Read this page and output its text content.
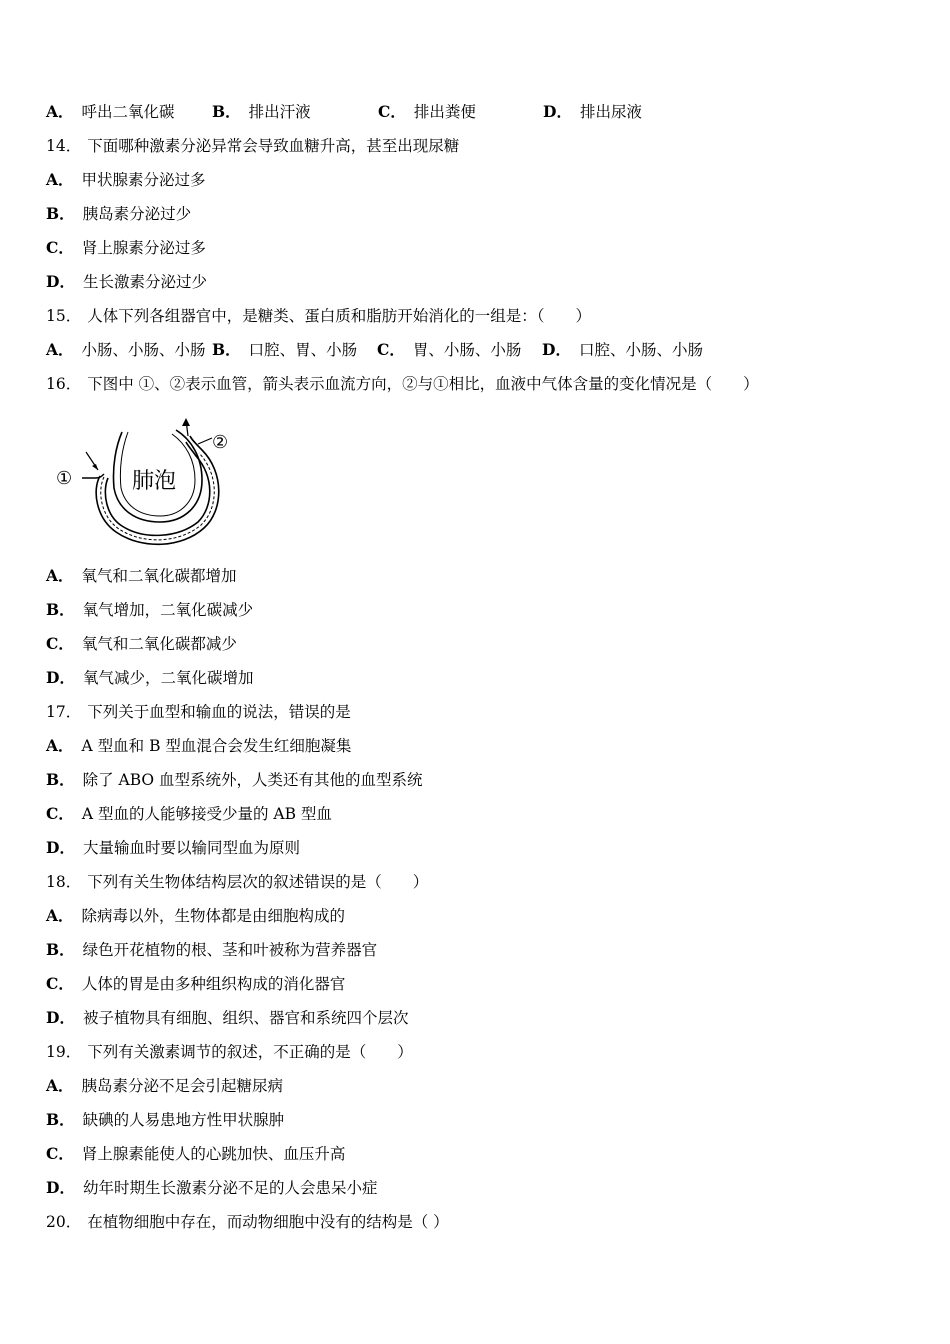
A． 呼出二氧化碳 B． 排出汗液	C． 排出粪便	D． 排出尿液
14． 下面哪种激素分泌异常会导致血糖升高，甚至出现尿糖
A． 甲状腺素分泌过多
B． 胰岛素分泌过少
C． 肾上腺素分泌过多
D． 生长激素分泌过少
15． 人体下列各组器官中，是糖类、蛋白质和脂肪开始消化的一组是：（　　）
A． 小肠、小肠、小肠 B． 口腔、胃、小肠 C． 胃、小肠、小肠 D． 口腔、小肠、小肠
16． 下图中 ①、②表示血管，箭头表示血流方向，②与①相比，血液中气体含量的变化情况是（　　）
①
②
肺泡
A． 氧气和二氧化碳都增加
B． 氧气增加，二氧化碳减少
C． 氧气和二氧化碳都减少
D． 氧气减少，二氧化碳增加
17． 下列关于血型和输血的说法，错误的是
A． A 型血和 B 型血混合会发生红细胞凝集
B． 除了 ABO 血型系统外，人类还有其他的血型系统
C． A 型血的人能够接受少量的 AB 型血
D． 大量输血时要以输同型血为原则
18． 下列有关生物体结构层次的叙述错误的是（　　）
A． 除病毒以外，生物体都是由细胞构成的
B． 绿色开花植物的根、茎和叶被称为营养器官
C． 人体的胃是由多种组织构成的消化器官
D． 被子植物具有细胞、组织、器官和系统四个层次
19． 下列有关激素调节的叙述，不正确的是（　　）
A． 胰岛素分泌不足会引起糖尿病
B． 缺碘的人易患地方性甲状腺肿
C． 肾上腺素能使人的心跳加快、血压升高
D． 幼年时期生长激素分泌不足的人会患呆小症
20． 在植物细胞中存在，而动物细胞中没有的结构是（ ）
